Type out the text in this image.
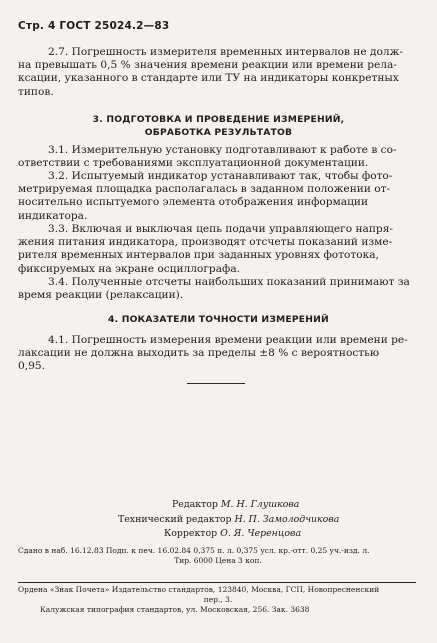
Стр. 4 ГОСТ 25024.2—83

2.7. Погрешность измерителя временных интервалов не долж-
на превышать 0,5 % значения времени реакции или времени рела-
ксации, указанного в стандарте или ТУ на индикаторы конкретных
типов.

3. ПОДГОТОВКА И ПРОВЕДЕНИЕ ИЗМЕРЕНИЙ,
ОБРАБОТКА РЕЗУЛЬТАТОВ

3.1. Измерительную установку подготавливают к работе в со-
ответствии с требованиями эксплуатационной документации.

3.2. Испытуемый индикатор устанавливают так, чтобы фото-
метрируемая площадка располагалась в заданном положении от-
носительно испытуемого элемента отображения информации
индикатора.

3.3. Включая и выключая цепь подачи управляющего напря-
жения питания индикатора, производят отсчеты показаний изме-
рителя временных интервалов при заданных уровнях фототока,
фиксируемых на экране осциллографа.

3.4. Полученные отсчеты наибольших показаний принимают за
время реакции (релаксации).

4. ПОКАЗАТЕЛИ ТОЧНОСТИ ИЗМЕРЕНИЙ

4.1. Погрешность измерения времени реакции или времени ре-
лаксации не должна выходить за пределы ±8 % с вероятностью
0,95.

Редактор М. Н. Глушкова
Технический редактор Н. П. Замолодчикова
Корректор О. Я. Черенцова
Сдано в наб. 16.12.83 Подп. к печ. 16.02.84 0,375 п. л. 0,375 усл. кр.-отт. 0,25 уч.-изд. л.
Тир. 6000 Цена 3 коп.
Ордена «Знак Почета» Издательство стандартов, 123840, Москва, ГСП, Новопресненский
пер., 3.
Калужская типография стандартов, ул. Московская, 256. Зак. 3638
